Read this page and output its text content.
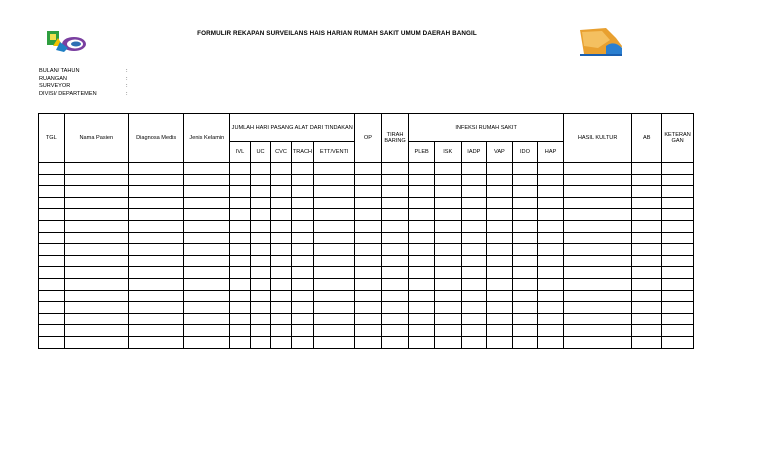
FORMULIR REKAPAN SURVEILANS HAIS HARIAN RUMAH SAKIT UMUM DAERAH BANGIL
BULAN/ TAHUN	:
RUANGAN	:
SURVEYOR	:
DIVISI/ DEPARTEMEN	:
TGL	Nama Pasien	Diagnosa Medis	Jenis Kelamin	JUMLAH HARI PASANG ALAT DARI TINDAKAN					OP	TIRAH BARING	INFEKSI RUMAH SAKIT						HASIL KULTUR	AB	KETERAN GAN
				IVL	UC	CVC	TRACH	ETT/VENTI			PLEB	ISK	IADP	VAP	IDO	HAP			
